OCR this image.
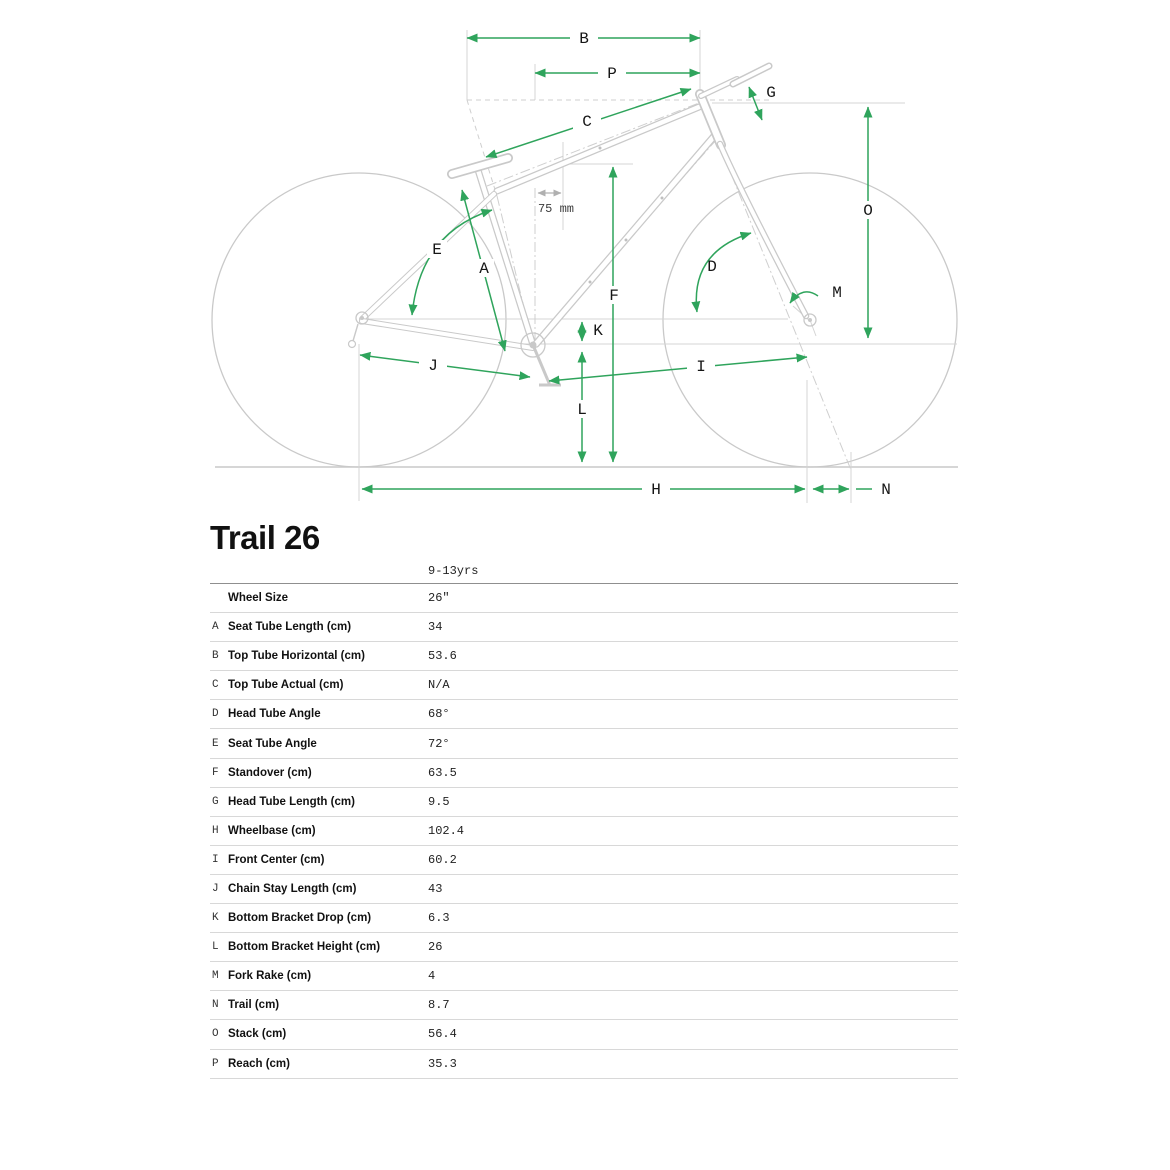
75 mm
B
P
C
G
O
A
E
D
M
F
K
L
J	I
H	N
Trail 26
9-13yrs
Wheel Size	26"
A Seat Tube Length (cm)	34
B Top Tube Horizontal (cm)	53.6
C Top Tube Actual (cm)	N/A
D Head Tube Angle	68°
E Seat Tube Angle	72°
F Standover (cm)	63.5
G Head Tube Length (cm)	9.5
H Wheelbase (cm)	102.4
I Front Center (cm)	60.2
J Chain Stay Length (cm)	43
K Bottom Bracket Drop (cm)	6.3
L Bottom Bracket Height (cm)	26
M Fork Rake (cm)	4
N Trail (cm)	8.7
O Stack (cm)	56.4
P Reach (cm)	35.3
